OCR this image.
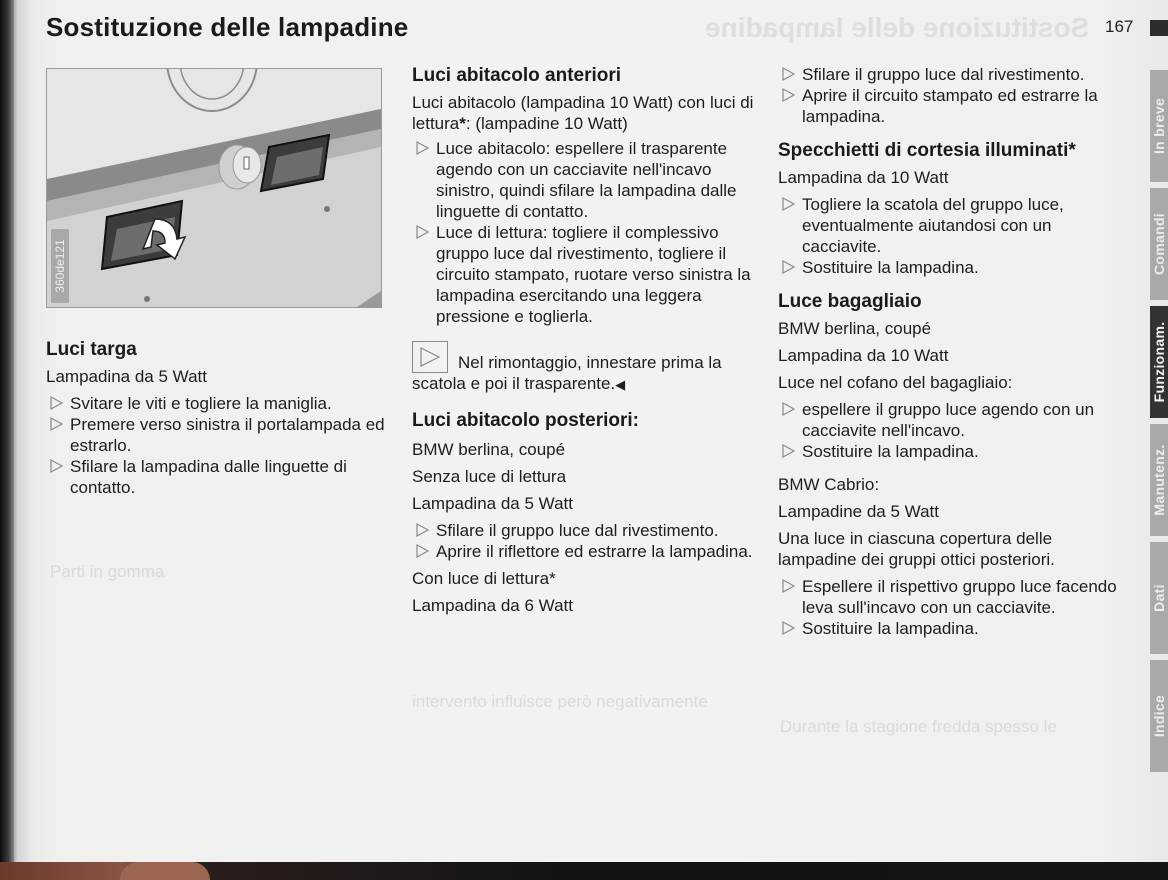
Sostituzione delle lampadine
Parti in gomma
intervento influisce però negativamente
Durante la stagione fredda spesso le
Sostituzione delle lampadine	167
360de121
Luci targa

Lampadina da 5 Watt

Svitare le viti e togliere la maniglia.
Premere verso sinistra il portalampada ed estrarlo.
Sfilare la lampadina dalle linguette di contatto.
Luci abitacolo anteriori

Luci abitacolo (lampadina 10 Watt) con luci di lettura*: (lampadine 10 Watt)

Luce abitacolo: espellere il trasparente agendo con un cacciavite nell'incavo sinistro, quindi sfilare la lampadina dalle linguette di contatto.
Luce di lettura: togliere il complessivo gruppo luce dal rivestimento, togliere il circuito stampato, ruotare verso sinistra la lampadina esercitando una leggera pressione e toglierla.

Nel rimontaggio, innestare prima la scatola e poi il trasparente.◀

Luci abitacolo posteriori:

BMW berlina, coupé

Senza luce di lettura

Lampadina da 5 Watt

Sfilare il gruppo luce dal rivestimento.
Aprire il riflettore ed estrarre la lampadina.

Con luce di lettura*

Lampadina da 6 Watt

Sfilare il gruppo luce dal rivestimento.
Aprire il circuito stampato ed estrarre la lampadina.
Specchietti di cortesia illuminati*

Lampadina da 10 Watt

Togliere la scatola del gruppo luce, eventualmente aiutandosi con un cacciavite.
Sostituire la lampadina.
Luce bagagliaio

BMW berlina, coupé

Lampadina da 10 Watt

Luce nel cofano del bagagliaio:

espellere il gruppo luce agendo con un cacciavite nell'incavo.
Sostituire la lampadina.

BMW Cabrio:

Lampadine da 5 Watt

Una luce in ciascuna copertura delle lampadine dei gruppi ottici posteriori.

Espellere il rispettivo gruppo luce facendo leva sull'incavo con un cacciavite.
Sostituire la lampadina.
In breve
Comandi
Funzionam.
Manutenz.
Dati
Indice
